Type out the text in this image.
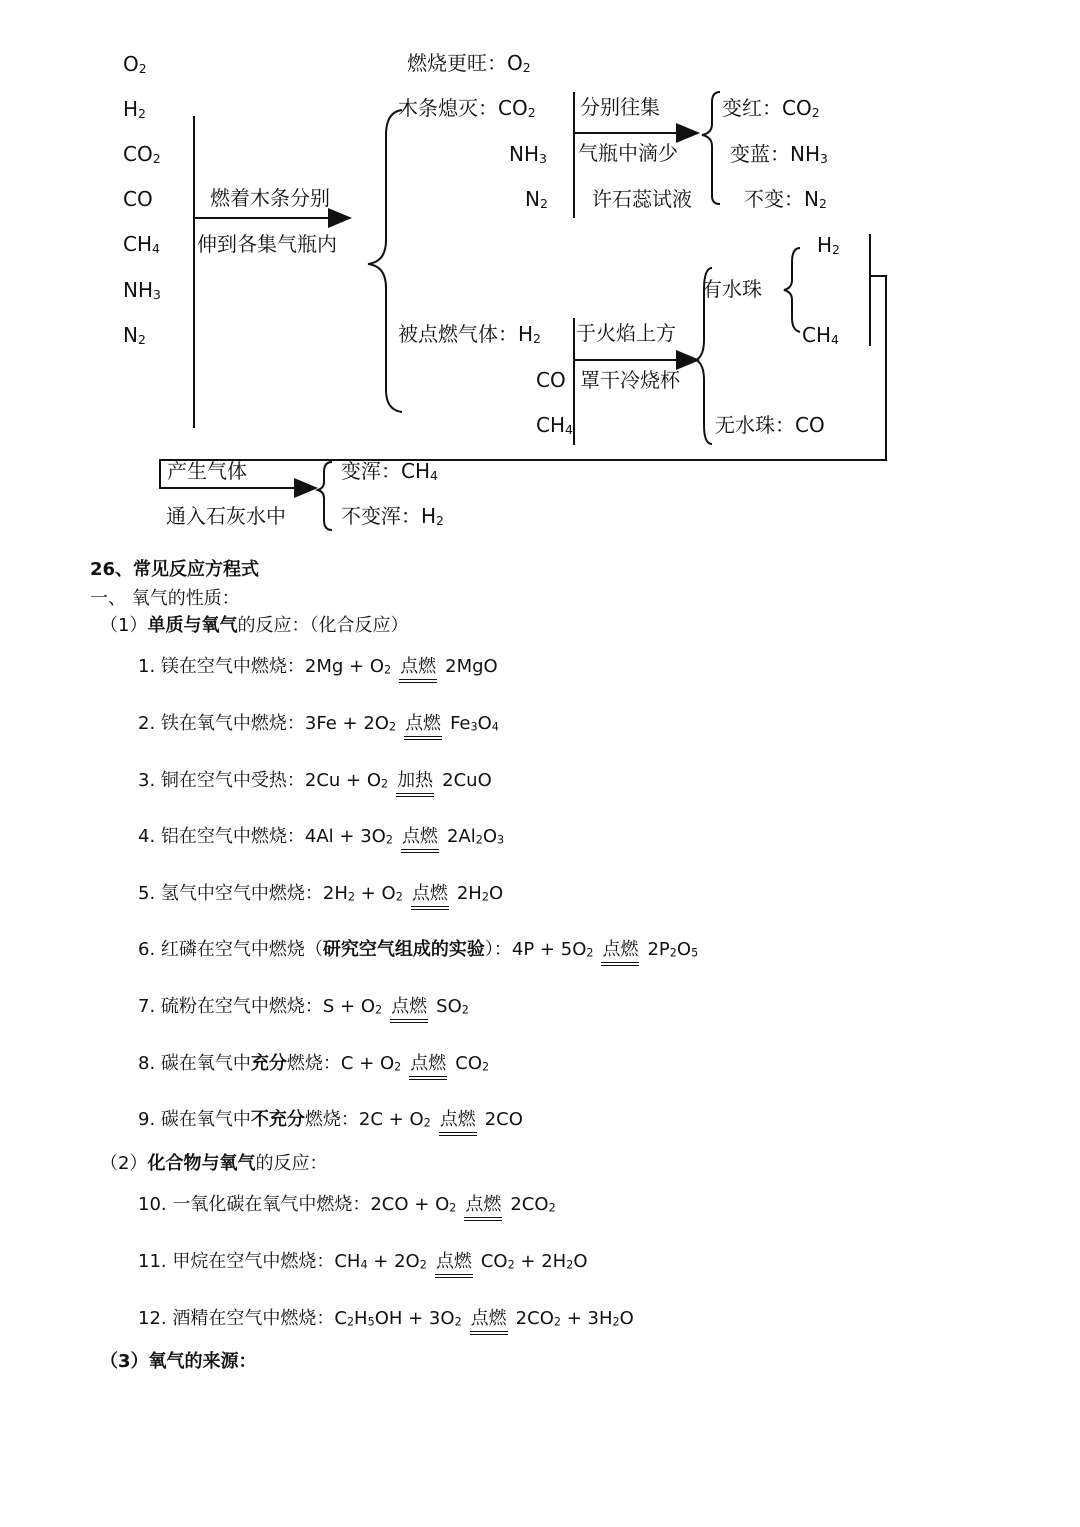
$O_2$
$H_2$
$CO_2$
CO
$CH_4$
$NH_3$
$N_2$
燃着木条分别
伸到各集气瓶内
燃烧更旺：$O_2$
木条熄灭：$CO_2$
$NH_3$
$N_2$
分别往集
气瓶中滴少
许石蕊试液
变红：$CO_2$
变蓝：$NH_3$
不变：$N_2$
被点燃气体：$H_2$
CO
$CH_4$
于火焰上方
罩干冷烧杯
有水珠
$H_2$
$CH_4$
无水珠：CO
产生气体
通入石灰水中
变浑：$CH_4$
不变浑：$H_2$
26、常见反应方程式
一、 氧气的性质：
（1）单质与氧气的反应：（化合反应）
1. 镁在空气中燃烧：$2Mg + O_2$ 点燃 2MgO
2. 铁在氧气中燃烧：$3Fe + 2O_2$ 点燃 $Fe_3O_4$
3. 铜在空气中受热：$2Cu + O_2$ 加热 2CuO
4. 铝在空气中燃烧：$4Al + 3O_2$ 点燃 $2Al_2O_3$
5. 氢气中空气中燃烧：$2H_2 + O_2$ 点燃 $2H_2O$
6. 红磷在空气中燃烧（研究空气组成的实验）：$4P + 5O_2$ 点燃 $2P_2O_5$
7. 硫粉在空气中燃烧：$S + O_2$ 点燃 $SO_2$
8. 碳在氧气中充分燃烧：$C + O_2$ 点燃 $CO_2$
9. 碳在氧气中不充分燃烧：$2C + O_2$ 点燃 2CO
10. 一氧化碳在氧气中燃烧：$2CO + O_2$ 点燃 $2CO_2$
11. 甲烷在空气中燃烧：$CH_4 + 2O_2$ 点燃 $CO_2 + 2H_2O$
12. 酒精在空气中燃烧：$C_2H_5OH + 3O_2$ 点燃 $2CO_2 + 3H_2O$
（2）化合物与氧气的反应：
（3）氧气的来源：
